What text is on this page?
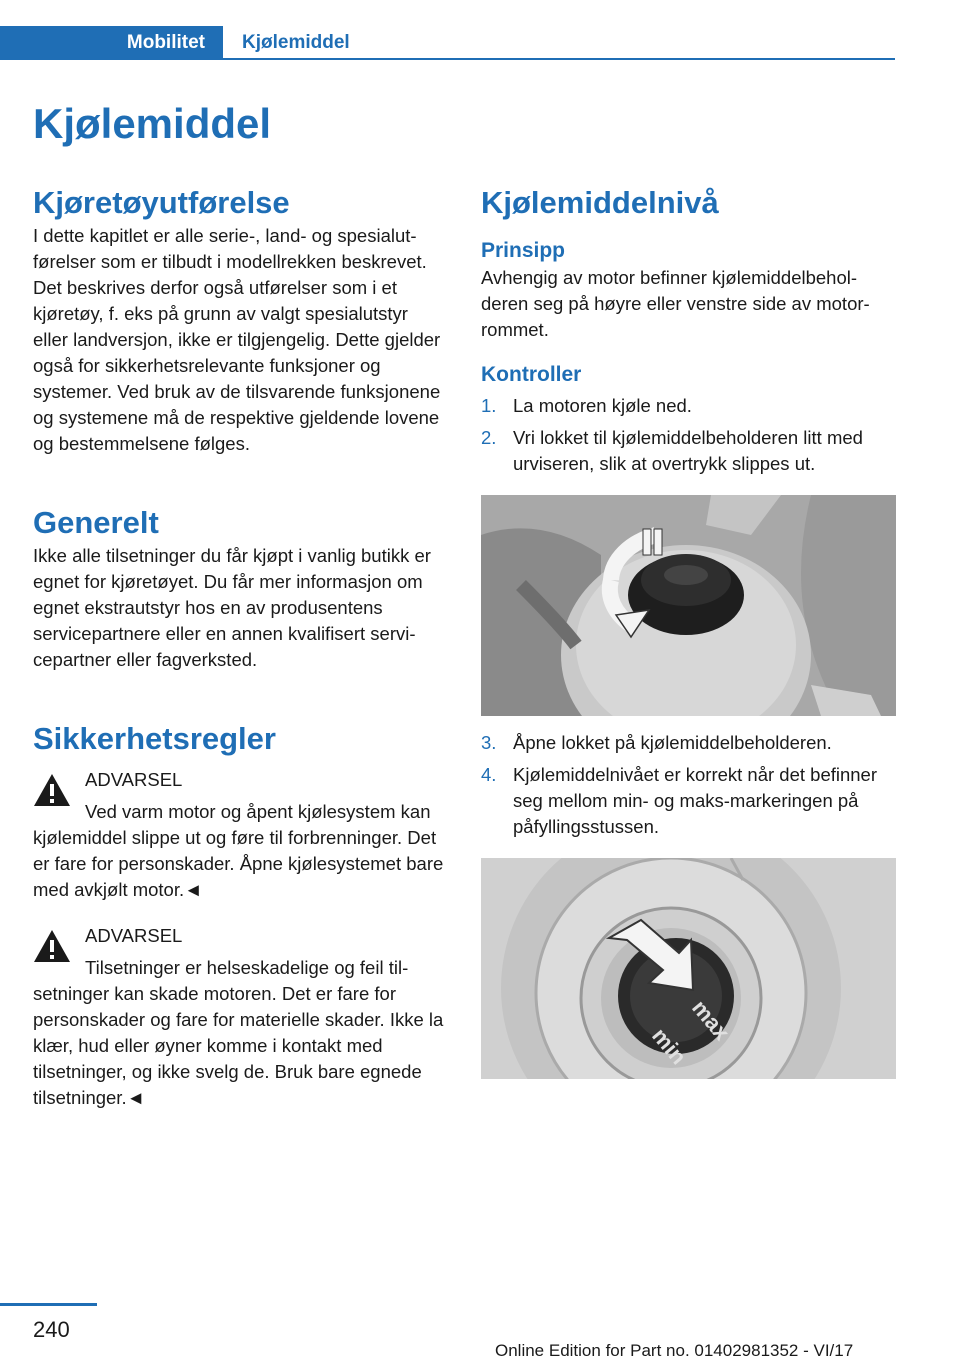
Mobilitet	Kjølemiddel
Kjølemiddel
Kjøretøyutførelse

I dette kapitlet er alle serie-, land- og spesialutførelser som er tilbudt i modellrekken beskrevet. Det beskrives derfor også utførelser som i et kjøretøy, f. eks på grunn av valgt spesialutstyr eller landversjon, ikke er tilgjengelig. Dette gjelder også for sikkerhetsrelevante funksjoner og systemer. Ved bruk av de tilsvarende funksjonene og systemene må de respektive gjeldende lovene og bestemmelsene følges.

Generelt

Ikke alle tilsetninger du får kjøpt i vanlig butikk er egnet for kjøretøyet. Du får mer informasjon om egnet ekstrautstyr hos en av produsentens servicepartnere eller en annen kvalifisert servicepartner eller fagverksted.

Sikkerhetsregler
ADVARSEL

Ved varm motor og åpent kjølesystem kan kjølemiddel slippe ut og føre til forbrenninger. Det er fare for personskader. Åpne kjølesystemet bare med avkjølt motor.◄

ADVARSEL

Tilsetninger er helseskadelige og feil tilsetninger kan skade motoren. Det er fare for personskader og fare for materielle skader. Ikke la klær, hud eller øyner komme i kontakt med tilsetninger, og ikke svelg de. Bruk bare egnede tilsetninger.◄

Kjølemiddelnivå
Prinsipp

Avhengig av motor befinner kjølemiddelbeholderen seg på høyre eller venstre side av motorrommet.

Kontroller
1. La motoren kjøle ned.
2. Vri lokket til kjølemiddelbeholderen litt med urviseren, slik at overtrykk slippes ut.
3. Åpne lokket på kjølemiddelbeholderen.
4. Kjølemiddelnivået er korrekt når det befinner seg mellom min- og maks-markeringen på påfyllingsstussen.
max
min
240
Online Edition for Part no. 01402981352 - VI/17
